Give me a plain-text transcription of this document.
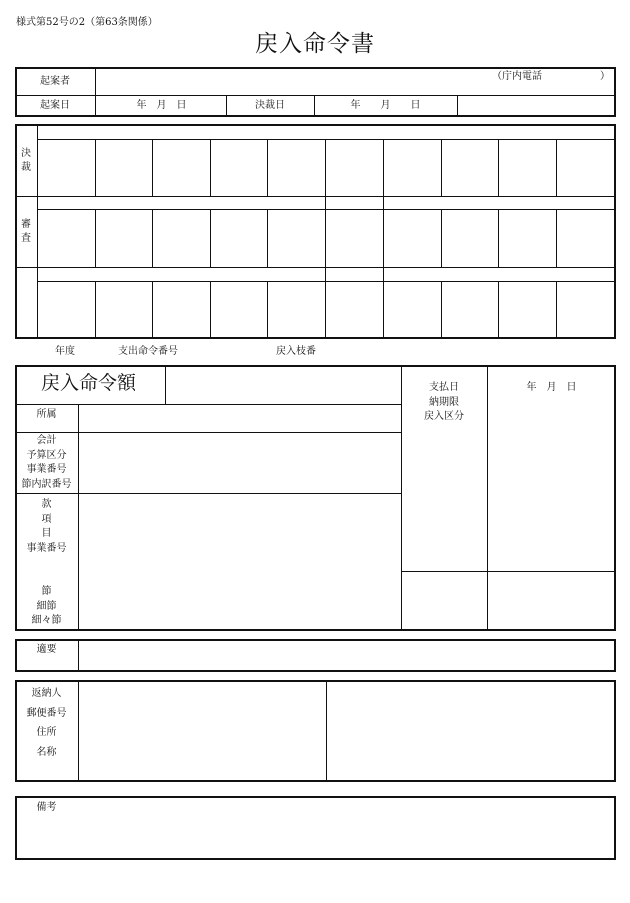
様式第52号の2（第63条関係）
戻入命令書
起案者	（庁内電話	）
起案日	年　月　日	決裁日	年　　月　　日
決裁
審査
年度	支出命令番号	戻入枝番
戻入命令額
所属
会計
予算区分
事業番号
節内訳番号
款
項
目
事業番号
節
細節
細々節
支払日
納期限
戻入区分
年　月　日
適要
返納人
郵便番号
住所
名称
備考
